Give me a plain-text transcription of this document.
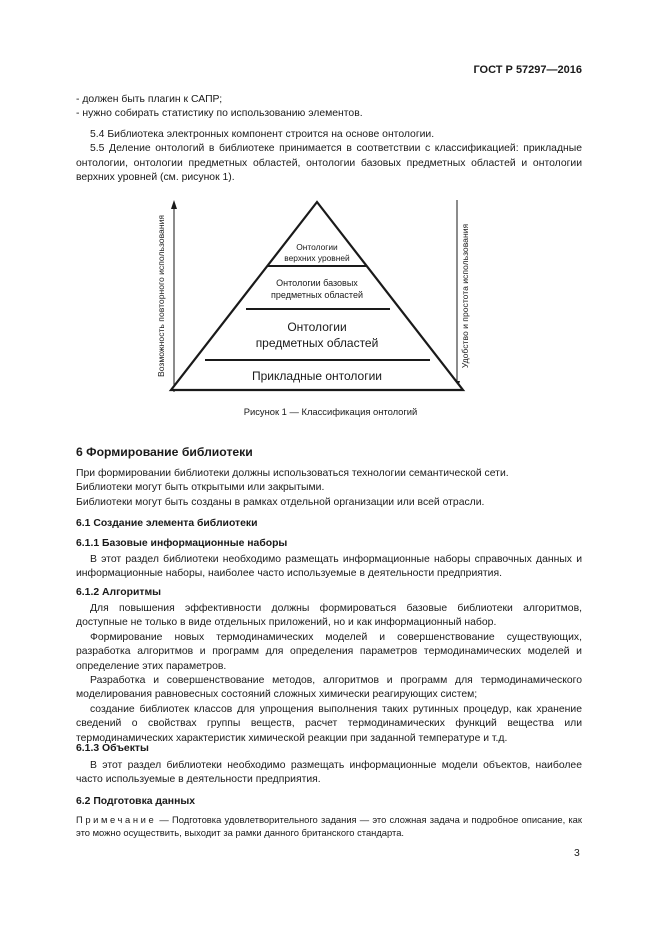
ГОСТ Р 57297—2016

- должен быть плагин к САПР;

- нужно собирать статистику по использованию элементов.

5.4 Библиотека электронных компонент строится на основе онтологии.

5.5 Деление онтологий в библиотеке принимается в соответствии с классификацией: прикладные онтологии, онтологии предметных областей, онтологии базовых предметных областей и онтологии верхних уровней (см. рисунок 1).

Возможность повторного использования	Удобство и простота использования
Онтологии
верхних уровней
Онтологии базовых
предметных областей
Онтологии
предметных областей
Прикладные онтологии
Рисунок 1 — Классификация онтологий
6 Формирование библиотеки

При формировании библиотеки должны использоваться технологии семантической сети.

Библиотеки могут быть открытыми или закрытыми.

Библиотеки могут быть созданы в рамках отдельной организации или всей отрасли.

6.1 Создание элемента библиотеки
6.1.1 Базовые информационные наборы

В этот раздел библиотеки необходимо размещать информационные наборы справочных данных и информационные наборы, наиболее часто используемые в деятельности предприятия.

6.1.2 Алгоритмы

Для повышения эффективности должны формироваться базовые библиотеки алгоритмов, доступные не только в виде отдельных приложений, но и как информационный набор.

Формирование новых термодинамических моделей и совершенствование существующих, разработка алгоритмов и программ для определения параметров термодинамических моделей и определение этих параметров.

Разработка и совершенствование методов, алгоритмов и программ для термодинамического моделирования равновесных состояний сложных химически реагирующих систем;

создание библиотек классов для упрощения выполнения таких рутинных процедур, как хранение сведений о свойствах группы веществ, расчет термодинамических функций вещества или термодинамических характеристик химической реакции при заданной температуре и т.д.

6.1.3 Объекты

В этот раздел библиотеки необходимо размещать информационные модели объектов, наиболее часто используемые в деятельности предприятия.

6.2 Подготовка данных
Примечание — Подготовка удовлетворительного задания — это сложная задача и подробное описание, как это можно осуществить, выходит за рамки данного британского стандарта.
3
